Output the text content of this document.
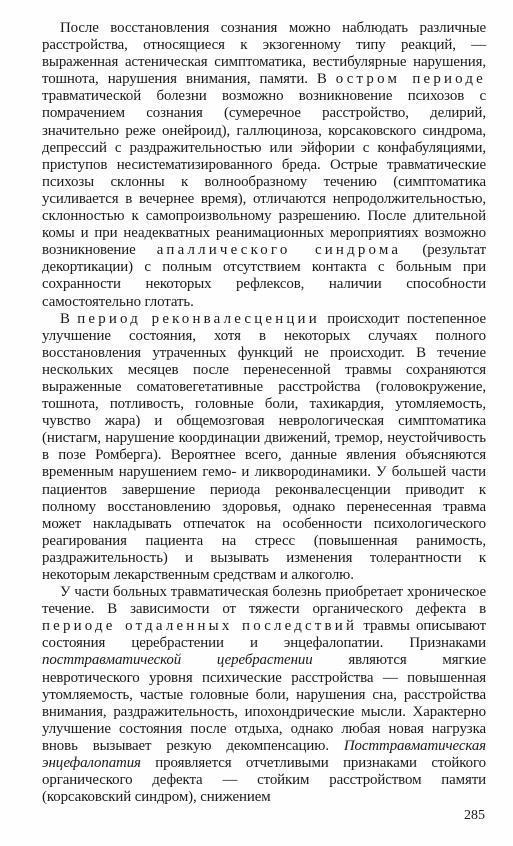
После восстановления сознания можно наблюдать различные расстройства, относящиеся к экзогенному типу реакций, — выраженная астеническая симптоматика, вестибулярные нарушения, тошнота, нарушения внимания, памяти. В остром периоде травматической болезни возможно возникновение психозов с помрачением сознания (сумеречное расстройство, делирий, значительно реже онейроид), галлюциноза, корсаковского синдрома, депрессий с раздражительностью или эйфории с конфабуляциями, приступов несистематизированного бреда. Острые травматические психозы склонны к волнообразному течению (симптоматика усиливается в вечернее время), отличаются непродолжительностью, склонностью к самопроизвольному разрешению. После длительной комы и при неадекватных реанимационных мероприятиях возможно возникновение апаллического синдрома (результат декортикации) с полным отсутствием контакта с больным при сохранности некоторых рефлексов, наличии способности самостоятельно глотать.

В период реконвалесценции происходит постепенное улучшение состояния, хотя в некоторых случаях полного восстановления утраченных функций не происходит. В течение нескольких месяцев после перенесенной травмы сохраняются выраженные соматовегетативные расстройства (головокружение, тошнота, потливость, головные боли, тахикардия, утомляемость, чувство жара) и общемозговая неврологическая симптоматика (нистагм, нарушение координации движений, тремор, неустойчивость в позе Ромберга). Вероятнее всего, данные явления объясняются временным нарушением гемо- и ликвородинамики. У большей части пациентов завершение периода реконвалесценции приводит к полному восстановлению здоровья, однако перенесенная травма может накладывать отпечаток на особенности психологического реагирования пациента на стресс (повышенная ранимость, раздражительность) и вызывать изменения толерантности к некоторым лекарственным средствам и алкоголю.

У части больных травматическая болезнь приобретает хроническое течение. В зависимости от тяжести органического дефекта в периоде отдаленных последствий травмы описывают состояния церебрастении и энцефалопатии. Признаками посттравматической церебрастении являются мягкие невротического уровня психические расстройства — повышенная утомляемость, частые головные боли, нарушения сна, расстройства внимания, раздражительность, ипохондрические мысли. Характерно улучшение состояния после отдыха, однако любая новая нагрузка вновь вызывает резкую декомпенсацию. Посттравматическая энцефалопатия проявляется отчетливыми признаками стойкого органического дефекта — стойким расстройством памяти (корсаковский синдром), снижением

285
